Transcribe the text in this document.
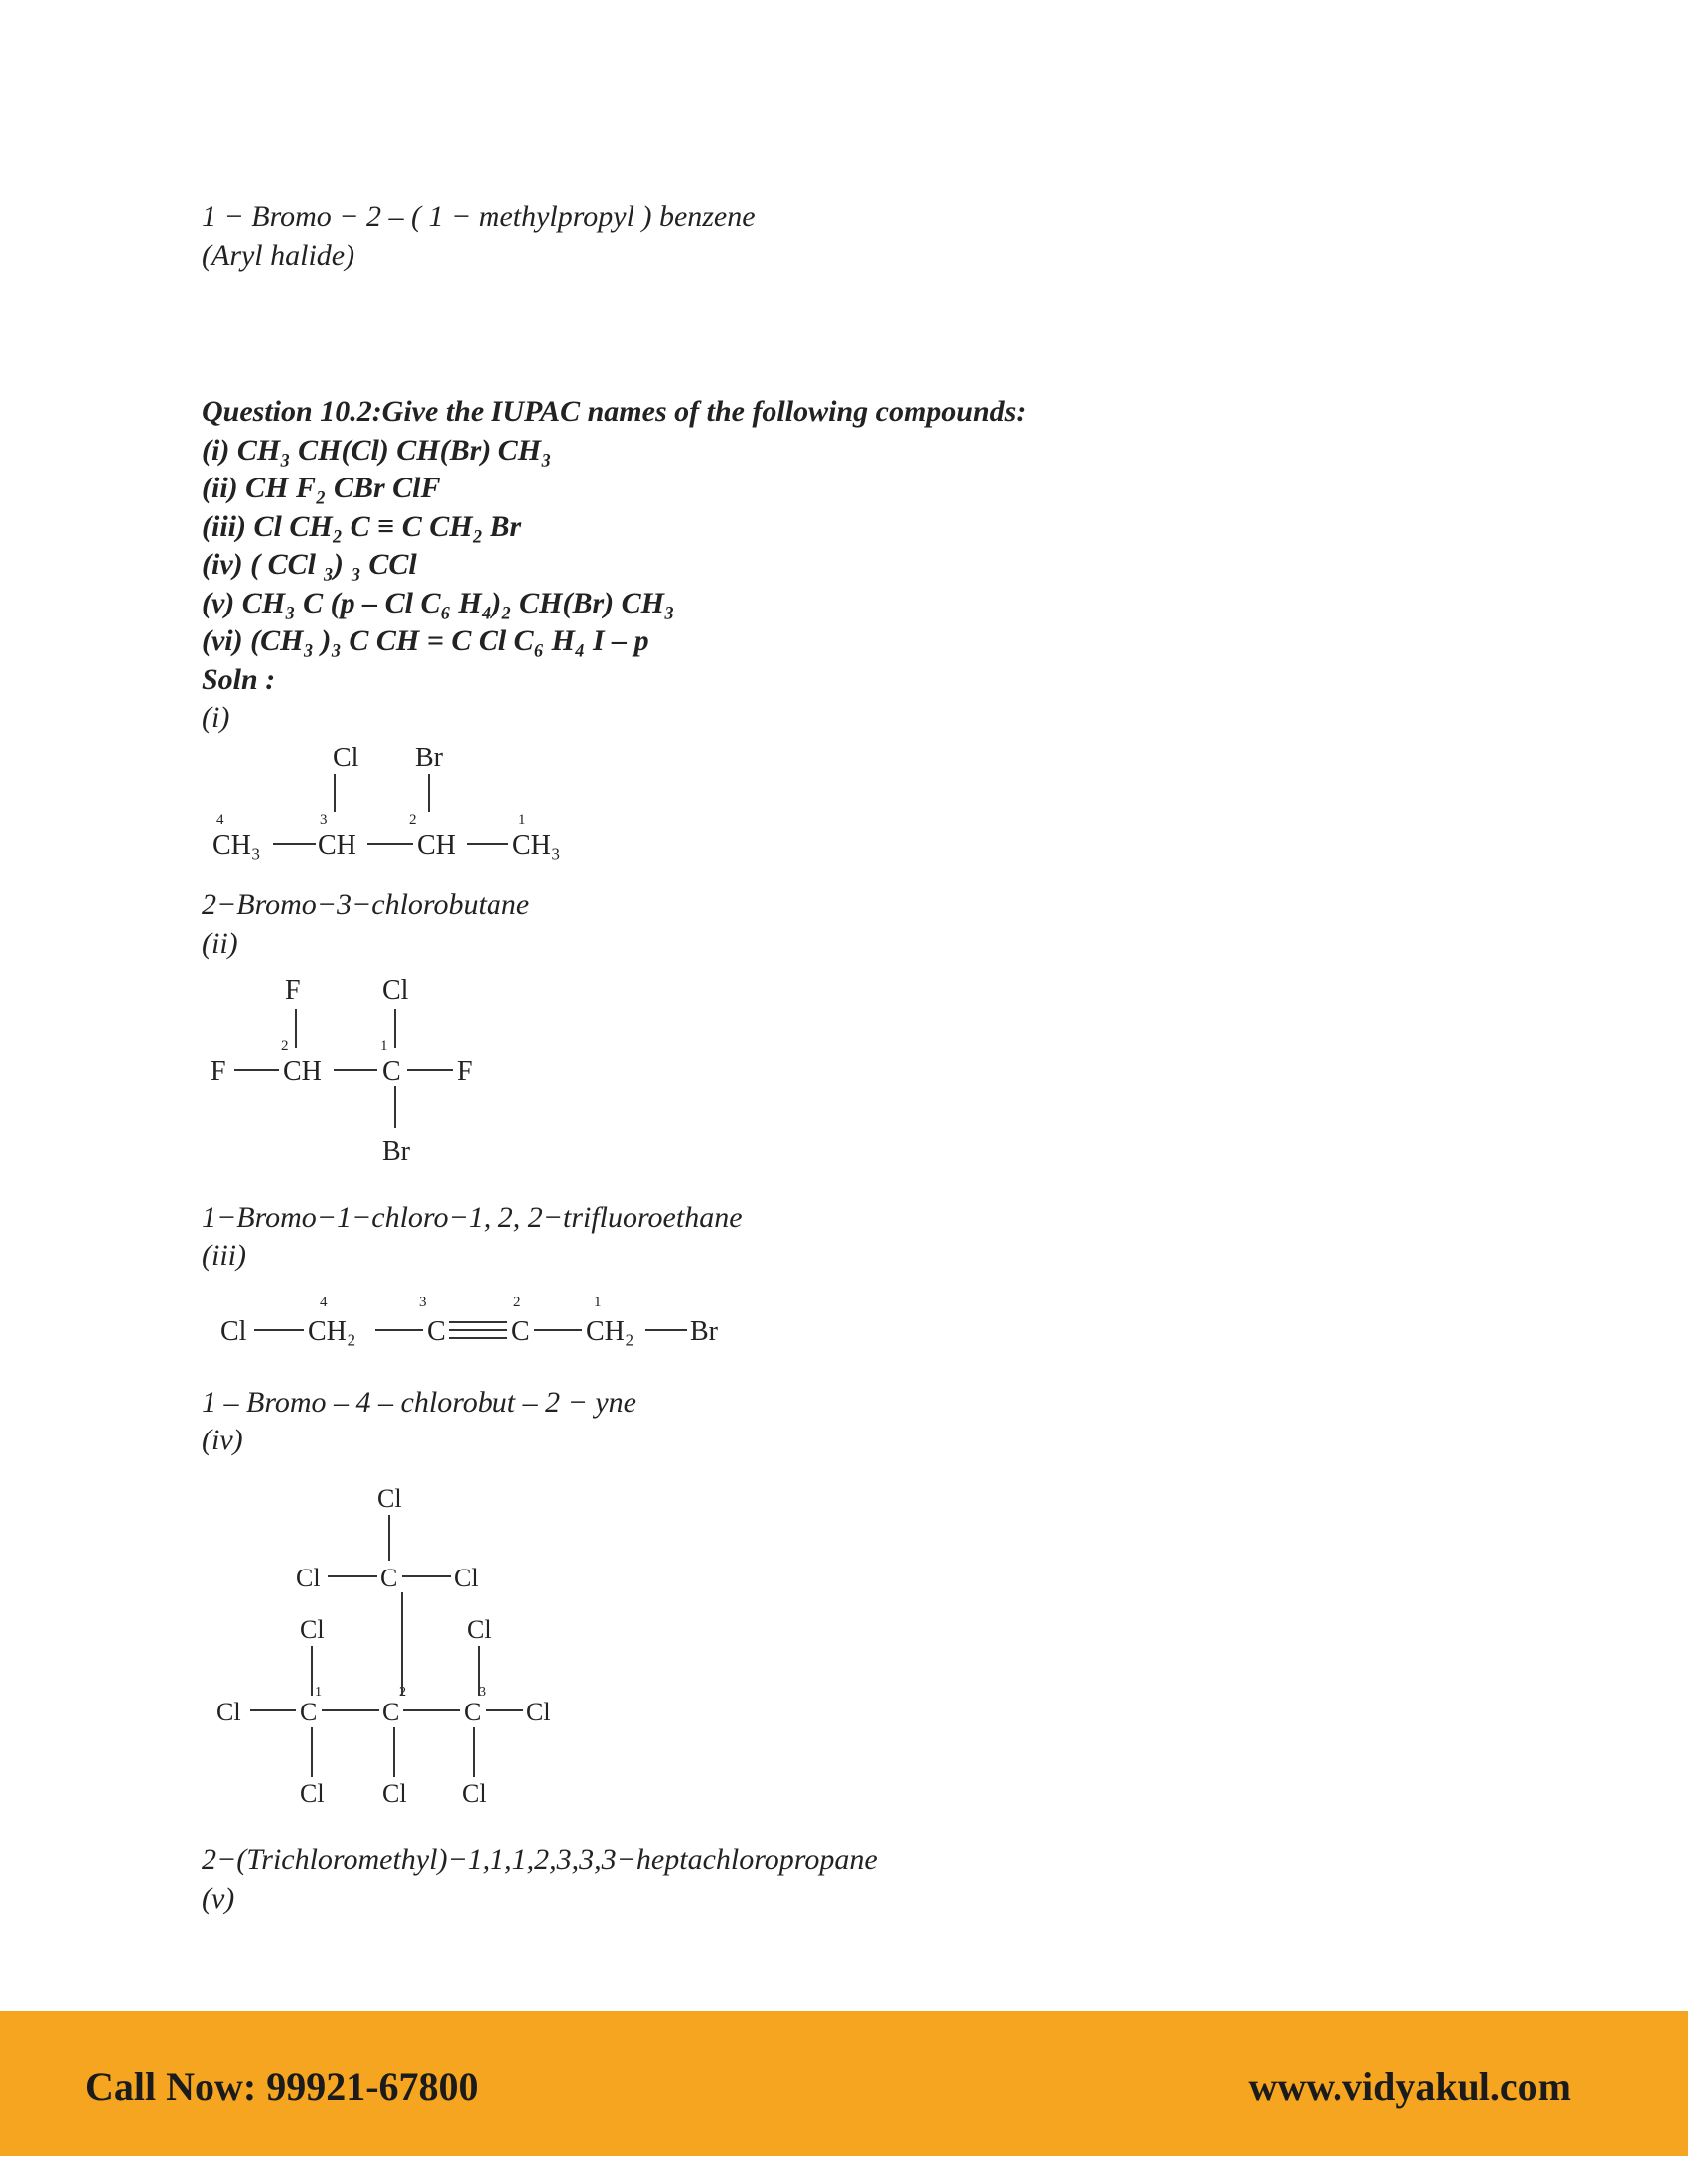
1 − Bromo − 2 – ( 1 − methylpropyl ) benzene
(Aryl halide)
Question 10.2:Give the IUPAC names of the following compounds:
(i) CH₃ CH(Cl) CH(Br) CH₃
(ii) CH F₂ CBr ClF
(iii) Cl CH₂ C ≡ C CH₂ Br
(iv) ( CCl ₃) ₃ CCl
(v) CH₃ C (p – Cl C₆ H₄)₂ CH(Br) CH₃
(vi) (CH₃ )₃ C CH = C Cl C₆ H₄ I – p
Soln :
(i)
Cl Br
CH₃ CH CH CH₃
4	3	2	1
F	Cl
F CH C F
Br
2	1
Cl CH₂	C C CH₂ Br
4	3	2	1
Cl
Cl C Cl
Cl	Cl
Cl C	C C Cl
Cl Cl Cl
1	2	3
2−Bromo−3−chlorobutane
(ii)
1−Bromo−1−chloro−1, 2, 2−trifluoroethane
(iii)
1 – Bromo – 4 – chlorobut – 2 − yne
(iv)
2−(Trichloromethyl)−1,1,1,2,3,3,3−heptachloropropane
(v)
Call Now: 99921-67800	www.vidyakul.com
